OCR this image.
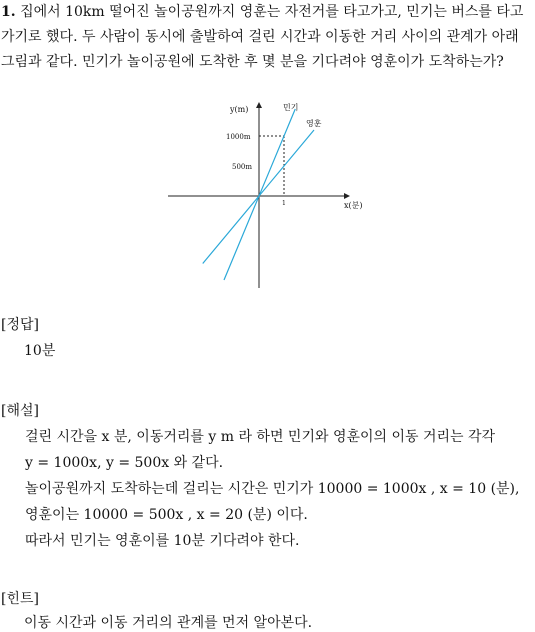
1. 집에서 10km 떨어진 놀이공원까지 영훈는 자전거를 타고가고, 민기는 버스를 타고 가기로 했다. 두 사람이 동시에 출발하여 걸린 시간과 이동한 거리 사이의 관계가 아래 그림과 같다. 민기가 놀이공원에 도착한 후 몇 분을 기다려야 영훈이가 도착하는가?
y(m)
x(분)
1000m
500m
1
민기
영훈
[정답]
10분
[해설]
걸린 시간을 x 분, 이동거리를 y m 라 하면 민기와 영훈이의 이동 거리는 각각
y = 1000x, y = 500x 와 같다.
놀이공원까지 도착하는데 걸리는 시간은 민기가 10000 = 1000x , x = 10 (분), 영훈이는 10000 = 500x , x = 20 (분) 이다.
따라서 민기는 영훈이를 10분 기다려야 한다.
[힌트]
이동 시간과 이동 거리의 관계를 먼저 알아본다.
